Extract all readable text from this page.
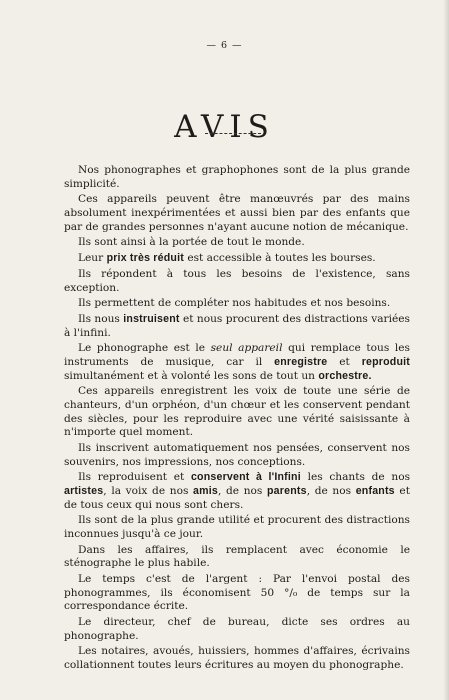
— 6 —
AVIS

Nos phonographes et graphophones sont de la plus grande simplicité.

Ces appareils peuvent être manœuvrés par des mains absolument inexpérimentées et aussi bien par des enfants que par de grandes personnes n'ayant aucune notion de mécanique.

Ils sont ainsi à la portée de tout le monde.

Leur prix très réduit est accessible à toutes les bourses.

Ils répondent à tous les besoins de l'existence, sans exception.

Ils permettent de compléter nos habitudes et nos besoins.

Ils nous instruisent et nous procurent des distractions variées à l'infini.

Le phonographe est le seul appareil qui remplace tous les instruments de musique, car il enregistre et reproduit simultanément et à volonté les sons de tout un orchestre.

Ces appareils enregistrent les voix de toute une série de chanteurs, d'un orphéon, d'un chœur et les conservent pendant des siècles, pour les reproduire avec une vérité saisissante à n'importe quel moment.

Ils inscrivent automatiquement nos pensées, conservent nos souvenirs, nos impressions, nos conceptions.

Ils reproduisent et conservent à l'Infini les chants de nos artistes, la voix de nos amis, de nos parents, de nos enfants et de tous ceux qui nous sont chers.

Ils sont de la plus grande utilité et procurent des distractions inconnues jusqu'à ce jour.

Dans les affaires, ils remplacent avec économie le sténographe le plus habile.

Le temps c'est de l'argent : Par l'envoi postal des phonogrammes, ils économisent 50 °/₀ de temps sur la correspondance écrite.

Le directeur, chef de bureau, dicte ses ordres au phonographe.

Les notaires, avoués, huissiers, hommes d'affaires, écrivains collationnent toutes leurs écritures au moyen du phonographe.
